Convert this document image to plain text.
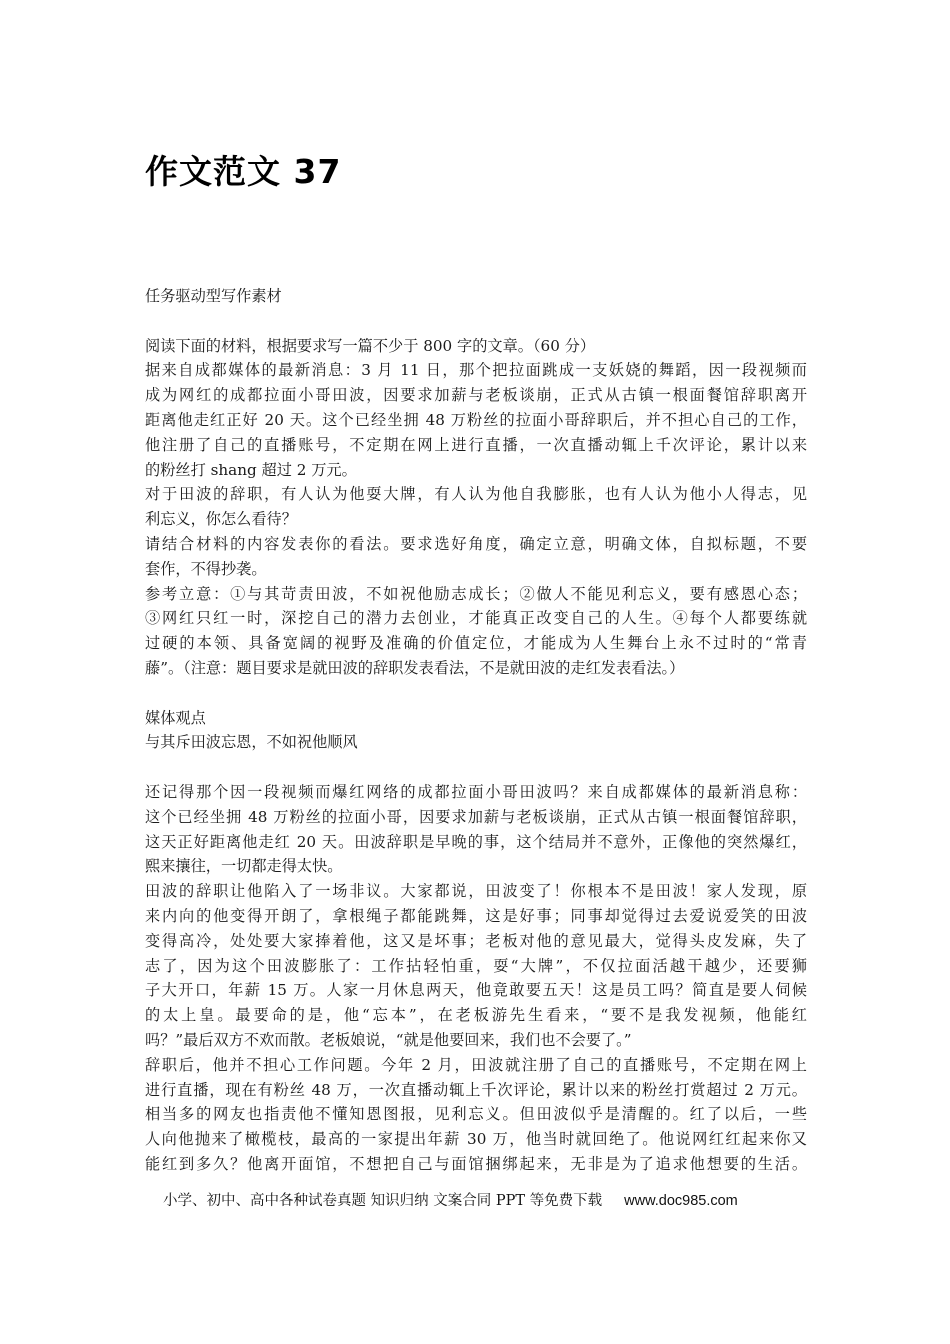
作文范文 37
任务驱动型写作素材
阅读下面的材料，根据要求写一篇不少于 800 字的文章。（60 分）
据来自成都媒体的最新消息：3 月 11 日，那个把拉面跳成一支妖娆的舞蹈，因一段视频而
成为网红的成都拉面小哥田波，因要求加薪与老板谈崩，正式从古镇一根面餐馆辞职离开
距离他走红正好 20 天。这个已经坐拥 48 万粉丝的拉面小哥辞职后，并不担心自己的工作，
他注册了自己的直播账号，不定期在网上进行直播，一次直播动辄上千次评论，累计以来
的粉丝打 shang 超过 2 万元。
对于田波的辞职，有人认为他耍大牌，有人认为他自我膨胀，也有人认为他小人得志，见
利忘义，你怎么看待？
请结合材料的内容发表你的看法。要求选好角度，确定立意，明确文体，自拟标题，不要
套作，不得抄袭。
参考立意：①与其苛责田波，不如祝他励志成长；②做人不能见利忘义，要有感恩心态；
③网红只红一时，深挖自己的潜力去创业，才能真正改变自己的人生。④每个人都要练就
过硬的本领、具备宽阔的视野及准确的价值定位，才能成为人生舞台上永不过时的“常青
藤”。（注意：题目要求是就田波的辞职发表看法，不是就田波的走红发表看法。）
媒体观点
与其斥田波忘恩，不如祝他顺风
还记得那个因一段视频而爆红网络的成都拉面小哥田波吗？来自成都媒体的最新消息称：
这个已经坐拥 48 万粉丝的拉面小哥，因要求加薪与老板谈崩，正式从古镇一根面餐馆辞职，
这天正好距离他走红 20 天。田波辞职是早晚的事，这个结局并不意外，正像他的突然爆红，
熙来攘往，一切都走得太快。
田波的辞职让他陷入了一场非议。大家都说，田波变了！你根本不是田波！家人发现，原
来内向的他变得开朗了，拿根绳子都能跳舞，这是好事；同事却觉得过去爱说爱笑的田波
变得高冷，处处要大家捧着他，这又是坏事；老板对他的意见最大，觉得头皮发麻，失了
志了，因为这个田波膨胀了：工作拈轻怕重，耍“大牌”，不仅拉面活越干越少，还要狮
子大开口，年薪 15 万。人家一月休息两天，他竟敢要五天！这是员工吗？简直是要人伺候
的太上皇。最要命的是，他“忘本”，在老板游先生看来，“要不是我发视频，他能红
吗？”最后双方不欢而散。老板娘说，“就是他要回来，我们也不会要了。”
辞职后，他并不担心工作问题。今年 2 月，田波就注册了自己的直播账号，不定期在网上
进行直播，现在有粉丝 48 万，一次直播动辄上千次评论，累计以来的粉丝打赏超过 2 万元。
相当多的网友也指责他不懂知恩图报，见利忘义。但田波似乎是清醒的。红了以后，一些
人向他抛来了橄榄枝，最高的一家提出年薪 30 万，他当时就回绝了。他说网红红起来你又
能红到多久？他离开面馆，不想把自己与面馆捆绑起来，无非是为了追求他想要的生活。
小学、初中、高中各种试卷真题 知识归纳 文案合同 PPT 等免费下载 www.doc985.com
